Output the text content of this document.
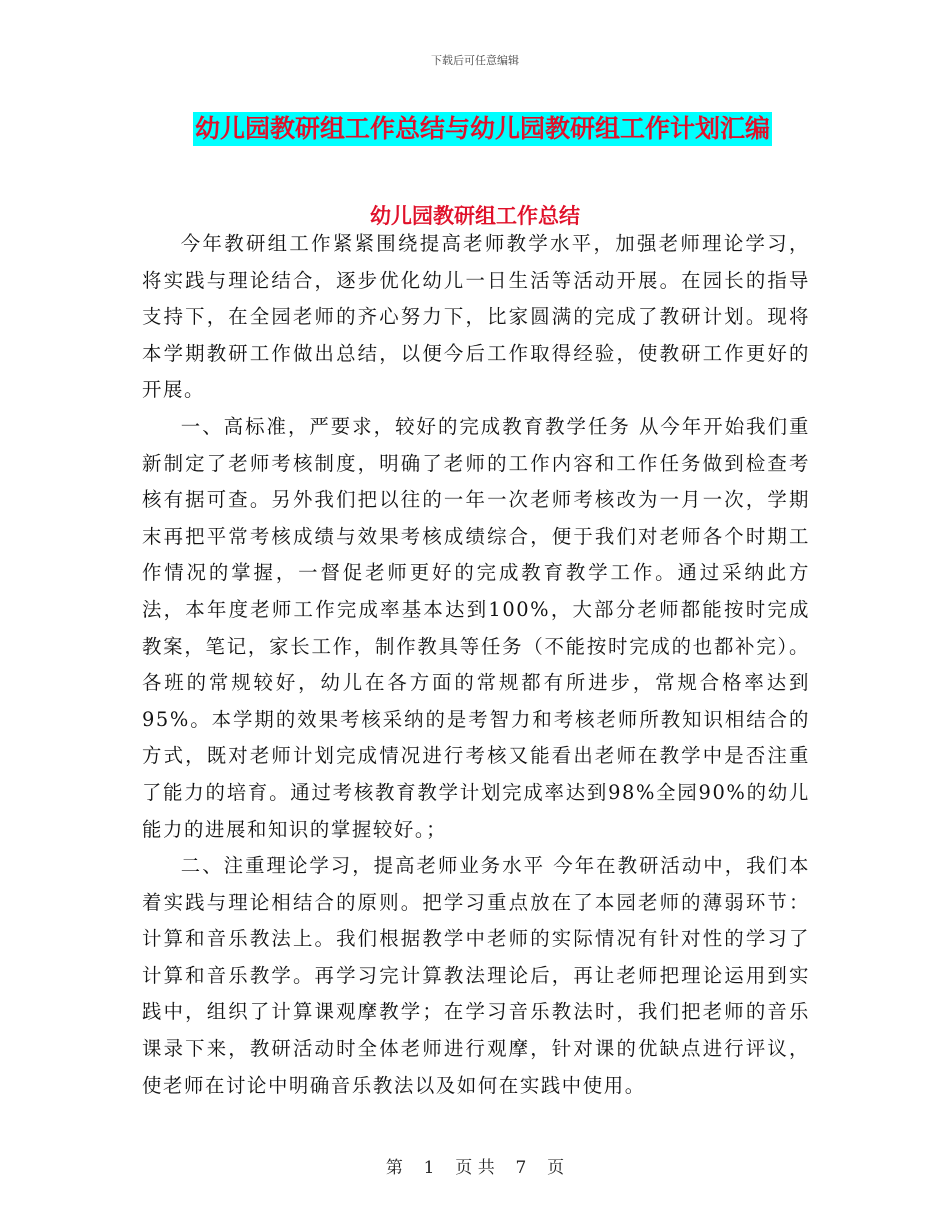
下载后可任意编辑
幼儿园教研组工作总结与幼儿园教研组工作计划汇编
幼儿园教研组工作总结

今年教研组工作紧紧围绕提高老师教学水平，加强老师理论学习，将实践与理论结合，逐步优化幼儿一日生活等活动开展。在园长的指导支持下，在全园老师的齐心努力下，比家圆满的完成了教研计划。现将本学期教研工作做出总结，以便今后工作取得经验，使教研工作更好的开展。

一、高标准，严要求，较好的完成教育教学任务 从今年开始我们重新制定了老师考核制度，明确了老师的工作内容和工作任务做到检查考核有据可查。另外我们把以往的一年一次老师考核改为一月一次，学期末再把平常考核成绩与效果考核成绩综合，便于我们对老师各个时期工作情况的掌握，一督促老师更好的完成教育教学工作。通过采纳此方法，本年度老师工作完成率基本达到100%，大部分老师都能按时完成教案，笔记，家长工作，制作教具等任务（不能按时完成的也都补完）。各班的常规较好，幼儿在各方面的常规都有所进步，常规合格率达到95%。本学期的效果考核采纳的是考智力和考核老师所教知识相结合的方式，既对老师计划完成情况进行考核又能看出老师在教学中是否注重了能力的培育。通过考核教育教学计划完成率达到98%全园90%的幼儿能力的进展和知识的掌握较好。；

二、注重理论学习，提高老师业务水平 今年在教研活动中，我们本着实践与理论相结合的原则。把学习重点放在了本园老师的薄弱环节：计算和音乐教法上。我们根据教学中老师的实际情况有针对性的学习了计算和音乐教学。再学习完计算教法理论后，再让老师把理论运用到实践中，组织了计算课观摩教学；在学习音乐教法时，我们把老师的音乐课录下来，教研活动时全体老师进行观摩，针对课的优缺点进行评议，使老师在讨论中明确音乐教法以及如何在实践中使用。

第 1 页 共 7 页
